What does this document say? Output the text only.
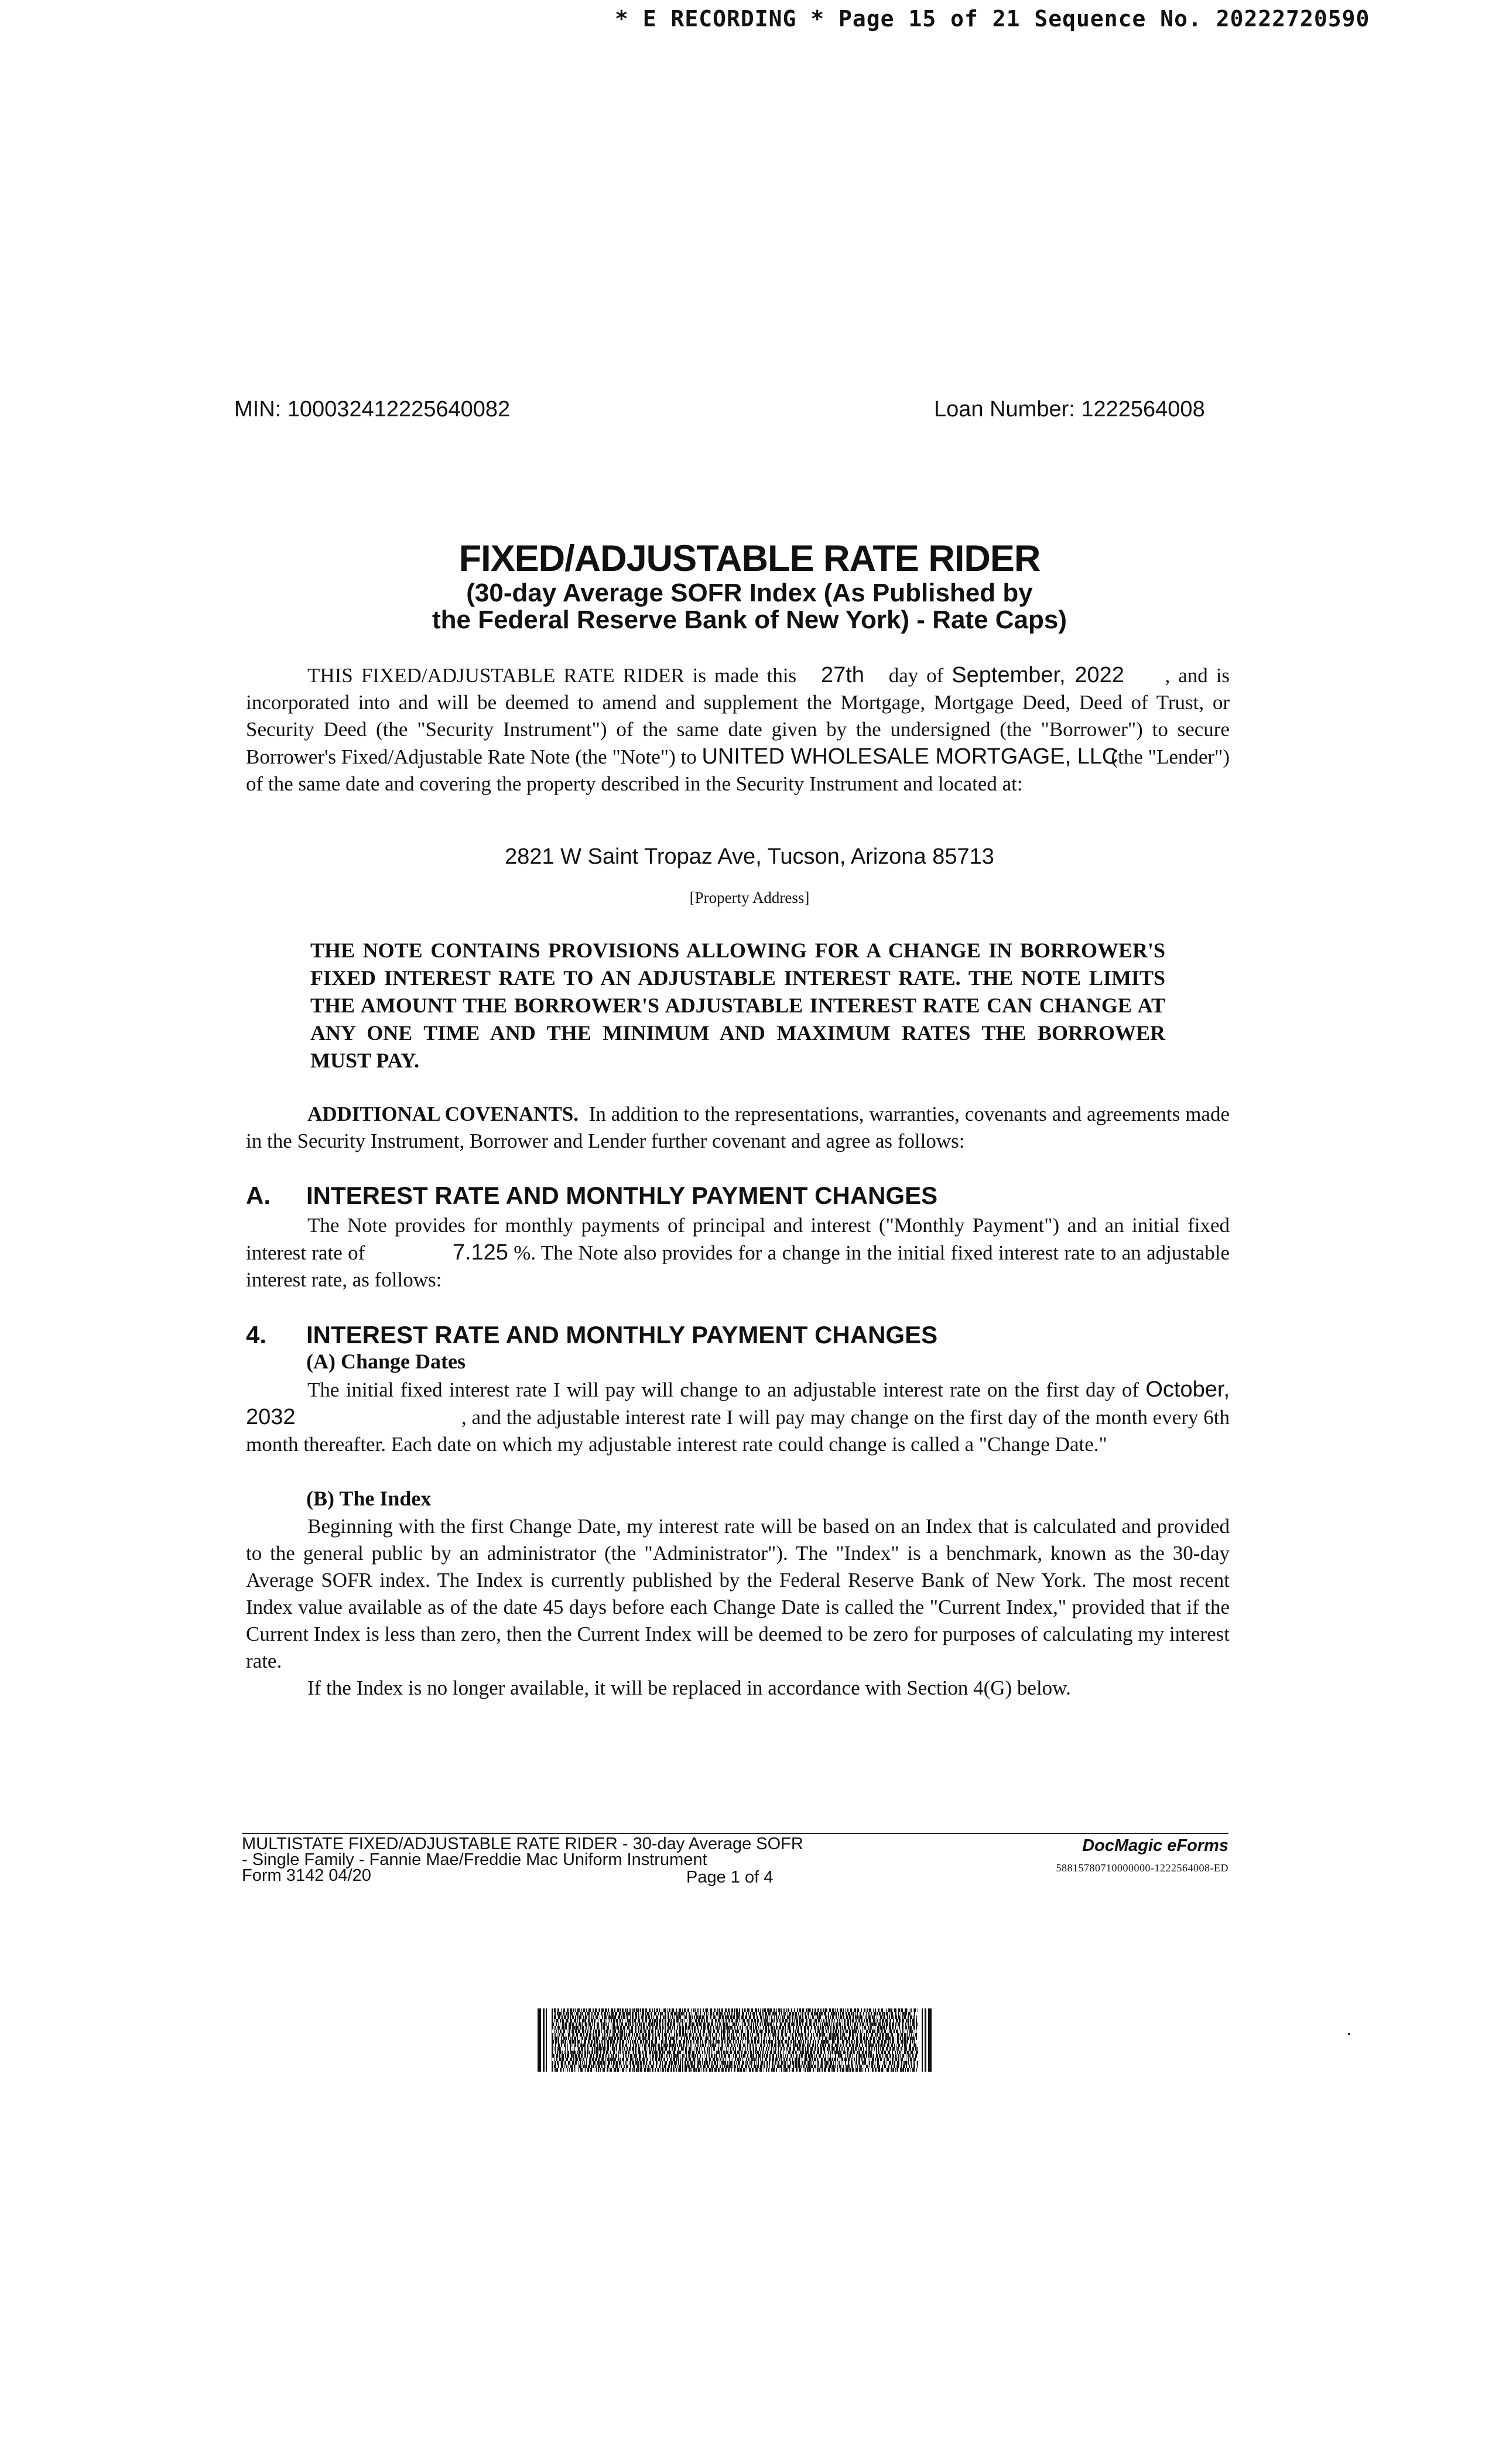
* E RECORDING * Page 15 of 21 Sequence No. 20222720590
MIN: 100032412225640082	Loan Number: 1222564008
FIXED/ADJUSTABLE RATE RIDER
(30-day Average SOFR Index (As Published by
the Federal Reserve Bank of New York) - Rate Caps)

THIS FIXED/ADJUSTABLE RATE RIDER is made this 27th day of September, 2022 , and is incorporated into and will be deemed to amend and supplement the Mortgage, Mortgage Deed, Deed of Trust, or Security Deed (the "Security Instrument") of the same date given by the undersigned (the "Borrower") to secure Borrower's Fixed/Adjustable Rate Note (the "Note") to UNITED WHOLESALE MORTGAGE, LLC

(the "Lender")

of the same date and covering the property described in the Security Instrument and located at:

2821 W Saint Tropaz Ave, Tucson, Arizona 85713
[Property Address]
THE NOTE CONTAINS PROVISIONS ALLOWING FOR A CHANGE IN BORROWER'S FIXED INTEREST RATE TO AN ADJUSTABLE INTEREST RATE. THE NOTE LIMITS THE AMOUNT THE BORROWER'S ADJUSTABLE INTEREST RATE CAN CHANGE AT ANY ONE TIME AND THE MINIMUM AND MAXIMUM RATES THE BORROWER MUST PAY.
ADDITIONAL COVENANTS. In addition to the representations, warranties, covenants and agreements made in the Security Instrument, Borrower and Lender further covenant and agree as follows:
A. INTEREST RATE AND MONTHLY PAYMENT CHANGES
The Note provides for monthly payments of principal and interest ("Monthly Payment") and an initial fixed interest rate of	7.125 %. The Note also provides for a change in the initial fixed interest rate to an adjustable interest rate, as follows:
4. INTEREST RATE AND MONTHLY PAYMENT CHANGES
(A) Change Dates
The initial fixed interest rate I will pay will change to an adjustable interest rate on the first day of October, 2032	, and the adjustable interest rate I will pay may change on the first day of the month every 6th month thereafter. Each date on which my adjustable interest rate could change is called a "Change Date."
(B) The Index

Beginning with the first Change Date, my interest rate will be based on an Index that is calculated and provided to the general public by an administrator (the "Administrator"). The "Index" is a benchmark, known as the 30-day Average SOFR index. The Index is currently published by the Federal Reserve Bank of New York. The most recent Index value available as of the date 45 days before each Change Date is called the "Current Index," provided that if the Current Index is less than zero, then the Current Index will be deemed to be zero for purposes of calculating my interest rate.

If the Index is no longer available, it will be replaced in accordance with Section 4(G) below.

MULTISTATE FIXED/ADJUSTABLE RATE RIDER - 30-day Average SOFR
- Single Family - Fannie Mae/Freddie Mac Uniform Instrument
Form 3142 04/20	Page 1 of 4
DocMagic eForms
58815780710000000-1222564008-ED
